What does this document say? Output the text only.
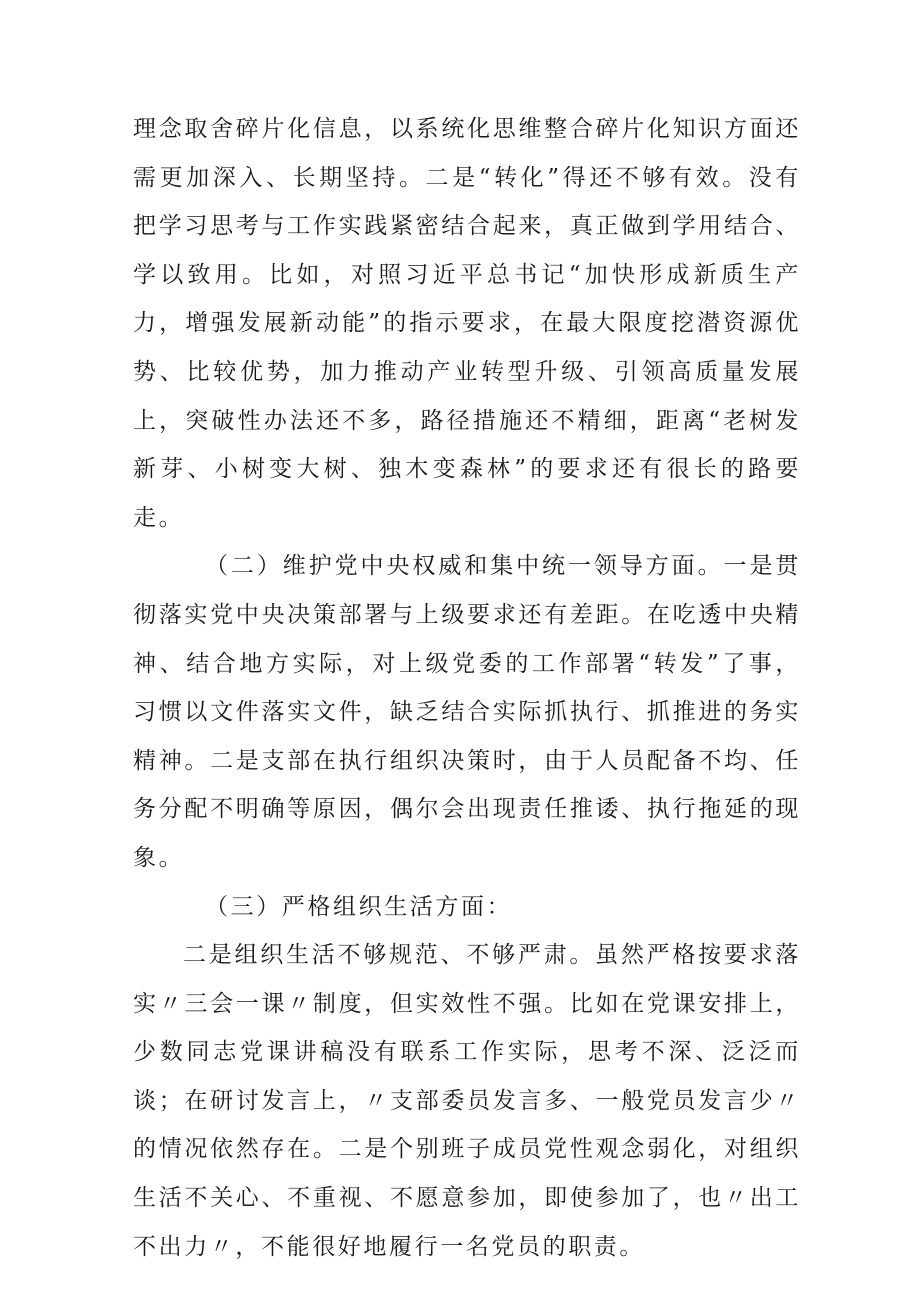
理念取舍碎片化信息，以系统化思维整合碎片化知识方面还需更加深入、长期坚持。二是“转化”得还不够有效。没有把学习思考与工作实践紧密结合起来，真正做到学用结合、学以致用。比如，对照习近平总书记“加快形成新质生产力，增强发展新动能”的指示要求，在最大限度挖潜资源优势、比较优势，加力推动产业转型升级、引领高质量发展上，突破性办法还不多，路径措施还不精细，距离“老树发新芽、小树变大树、独木变森林”的要求还有很长的路要走。

（二）维护党中央权威和集中统一领导方面。一是贯彻落实党中央决策部署与上级要求还有差距。在吃透中央精神、结合地方实际，对上级党委的工作部署“转发”了事，习惯以文件落实文件，缺乏结合实际抓执行、抓推进的务实精神。二是支部在执行组织决策时，由于人员配备不均、任务分配不明确等原因，偶尔会出现责任推诿、执行拖延的现象。

（三）严格组织生活方面：

二是组织生活不够规范、不够严肃。虽然严格按要求落实〃三会一课〃制度，但实效性不强。比如在党课安排上，少数同志党课讲稿没有联系工作实际，思考不深、泛泛而谈；在研讨发言上，〃支部委员发言多、一般党员发言少〃的情况依然存在。二是个别班子成员党性观念弱化，对组织生活不关心、不重视、不愿意参加，即使参加了，也〃出工不出力〃，不能很好地履行一名党员的职责。
